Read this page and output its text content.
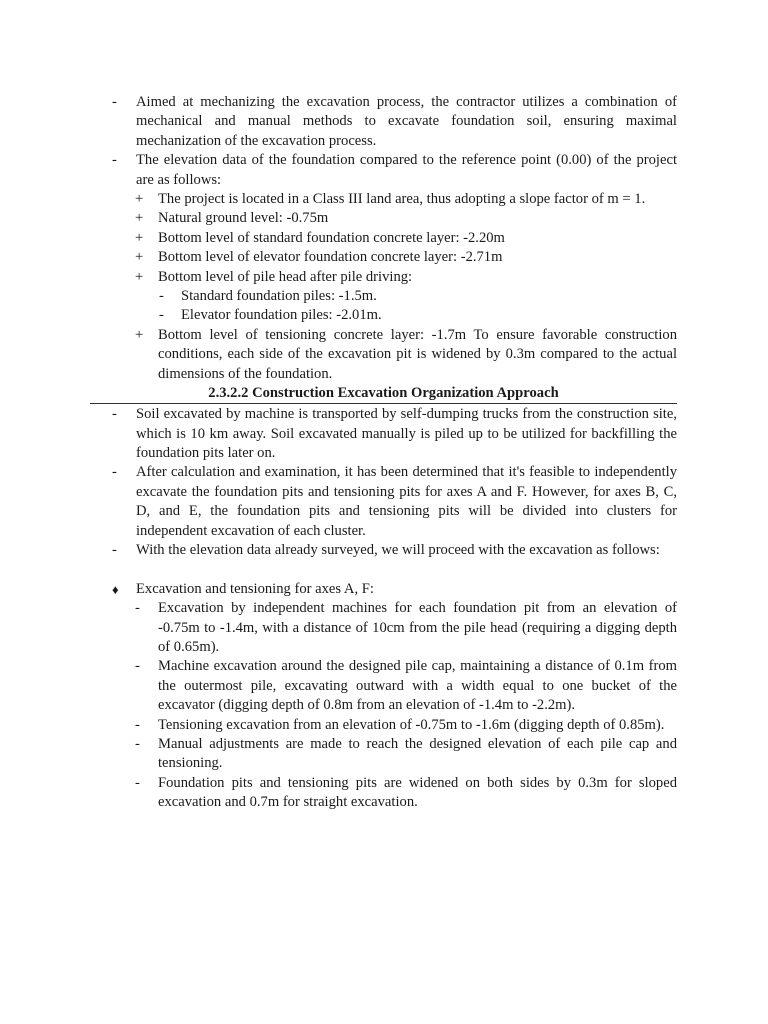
- Aimed at mechanizing the excavation process, the contractor utilizes a combination of mechanical and manual methods to excavate foundation soil, ensuring maximal mechanization of the excavation process.
- The elevation data of the foundation compared to the reference point (0.00) of the project are as follows:
+ The project is located in a Class III land area, thus adopting a slope factor of m = 1.
+ Natural ground level: -0.75m
+ Bottom level of standard foundation concrete layer: -2.20m
+ Bottom level of elevator foundation concrete layer: -2.71m
+ Bottom level of pile head after pile driving:
- Standard foundation piles: -1.5m.
- Elevator foundation piles: -2.01m.
+ Bottom level of tensioning concrete layer: -1.7m To ensure favorable construction conditions, each side of the excavation pit is widened by 0.3m compared to the actual dimensions of the foundation.
2.3.2.2 Construction Excavation Organization Approach
- Soil excavated by machine is transported by self-dumping trucks from the construction site, which is 10 km away. Soil excavated manually is piled up to be utilized for backfilling the foundation pits later on.
- After calculation and examination, it has been determined that it's feasible to independently excavate the foundation pits and tensioning pits for axes A and F. However, for axes B, C, D, and E, the foundation pits and tensioning pits will be divided into clusters for independent excavation of each cluster.
- With the elevation data already surveyed, we will proceed with the excavation as follows:
♦ Excavation and tensioning for axes A, F:
- Excavation by independent machines for each foundation pit from an elevation of -0.75m to -1.4m, with a distance of 10cm from the pile head (requiring a digging depth of 0.65m).
- Machine excavation around the designed pile cap, maintaining a distance of 0.1m from the outermost pile, excavating outward with a width equal to one bucket of the excavator (digging depth of 0.8m from an elevation of -1.4m to -2.2m).
- Tensioning excavation from an elevation of -0.75m to -1.6m (digging depth of 0.85m).
- Manual adjustments are made to reach the designed elevation of each pile cap and tensioning.
- Foundation pits and tensioning pits are widened on both sides by 0.3m for sloped excavation and 0.7m for straight excavation.
